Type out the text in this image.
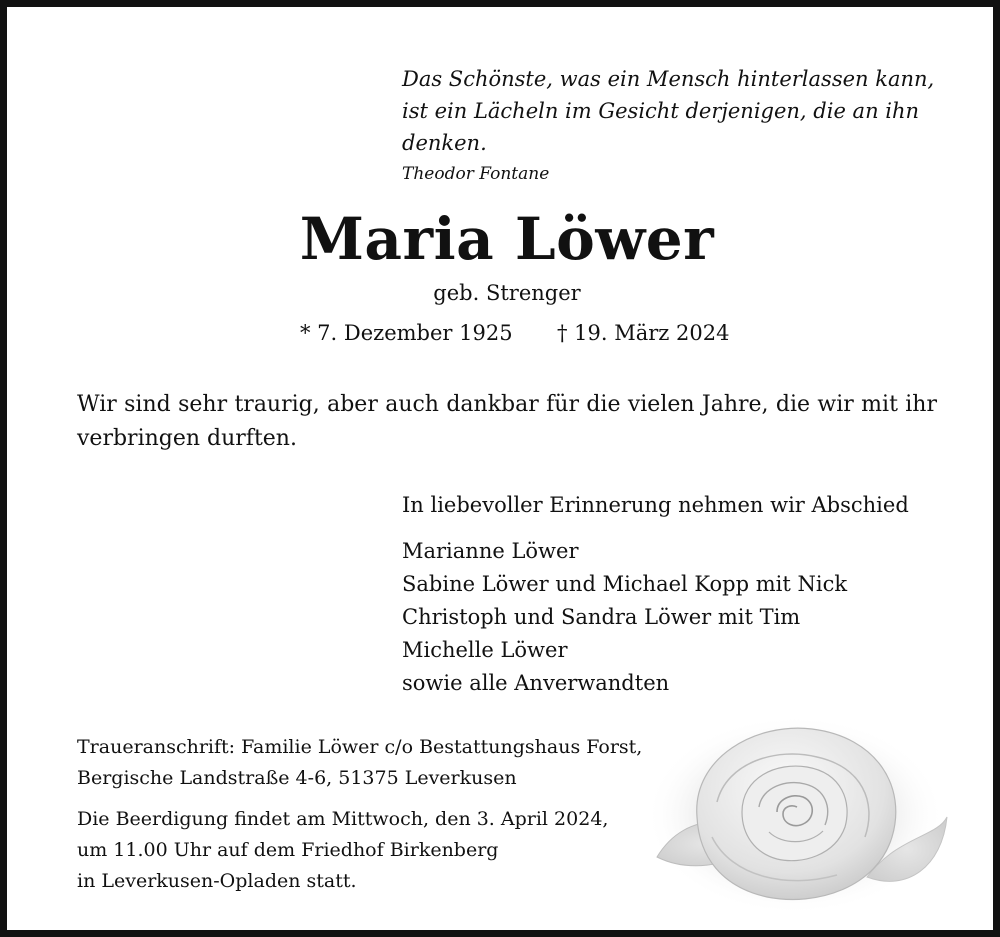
Das Schönste, was ein Mensch hinterlassen kann,
ist ein Lächeln im Gesicht derjenigen, die an ihn denken.
Theodor Fontane
Maria Löwer
geb. Strenger
* 7. Dezember 1925 † 19. März 2024
Wir sind sehr traurig, aber auch dankbar für die vielen Jahre, die wir mit ihr verbringen durften.
In liebevoller Erinnerung nehmen wir Abschied
Marianne Löwer
Sabine Löwer und Michael Kopp mit Nick
Christoph und Sandra Löwer mit Tim
Michelle Löwer
sowie alle Anverwandten
Traueranschrift: Familie Löwer c/o Bestattungshaus Forst,
Bergische Landstraße 4-6, 51375 Leverkusen
Die Beerdigung findet am Mittwoch, den 3. April 2024,
um 11.00 Uhr auf dem Friedhof Birkenberg
in Leverkusen-Opladen statt.
